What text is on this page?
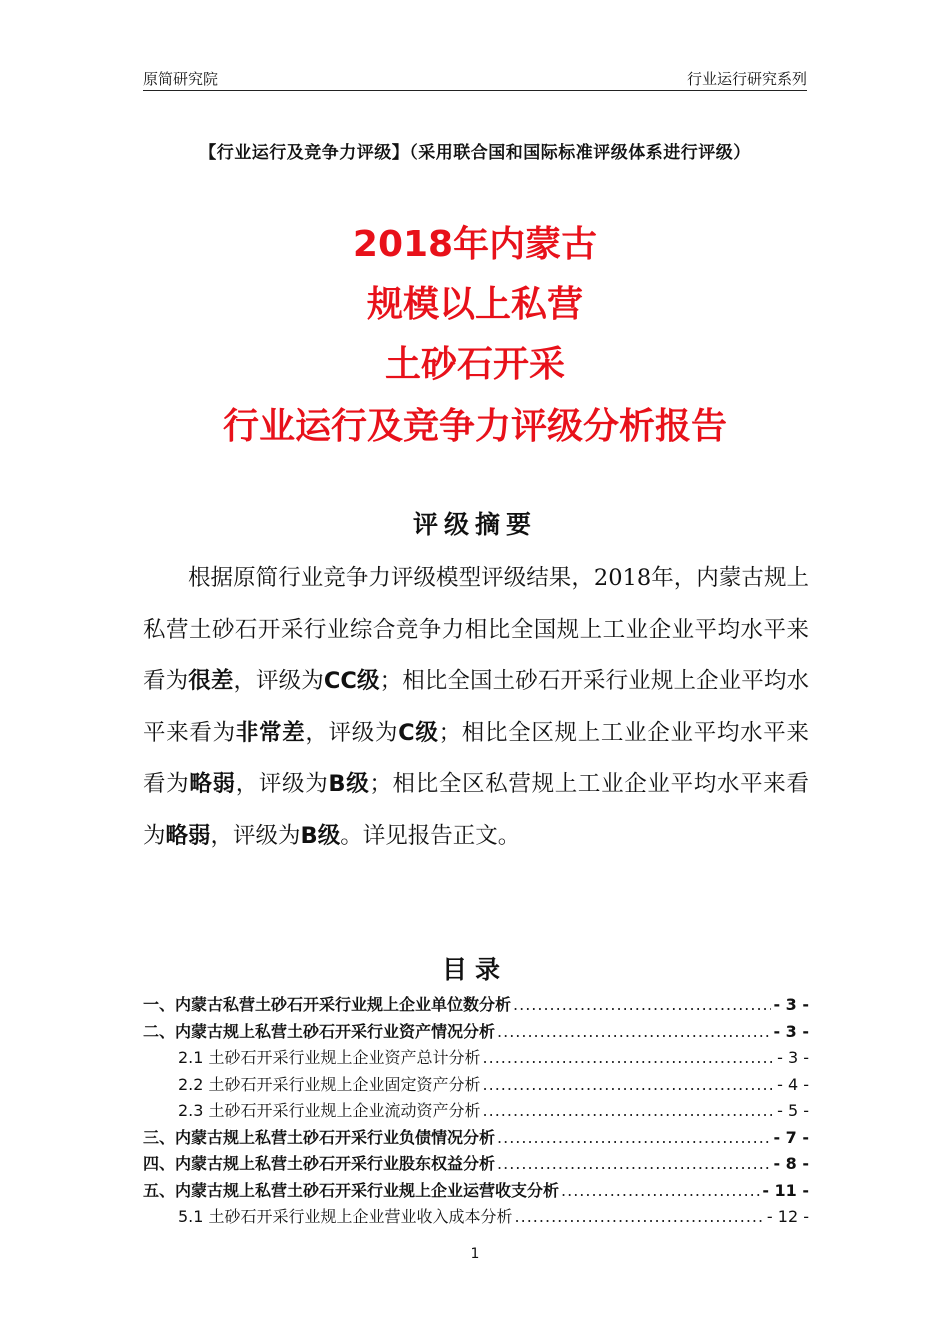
原简研究院	行业运行研究系列
【行业运行及竞争力评级】（采用联合国和国际标准评级体系进行评级）
2018年内蒙古
规模以上私营
土砂石开采
行业运行及竞争力评级分析报告
评级摘要
根据原简行业竞争力评级模型评级结果，2018年，内蒙古规上私营土砂石开采行业综合竞争力相比全国规上工业企业平均水平来看为很差，评级为CC级；相比全国土砂石开采行业规上企业平均水平来看为非常差，评级为C级；相比全区规上工业企业平均水平来看为略弱，评级为B级；相比全区私营规上工业企业平均水平来看为略弱，评级为B级。详见报告正文。
目录
一、内蒙古私营土砂石开采行业规上企业单位数分析 .....	- 3 -
二、内蒙古规上私营土砂石开采行业资产情况分析 .....	- 3 -
2.1 土砂石开采行业规上企业资产总计分析 .....	- 3 -
2.2 土砂石开采行业规上企业固定资产分析 .....	- 4 -
2.3 土砂石开采行业规上企业流动资产分析 .....	- 5 -
三、内蒙古规上私营土砂石开采行业负债情况分析 .....	- 7 -
四、内蒙古规上私营土砂石开采行业股东权益分析 .....	- 8 -
五、内蒙古规上私营土砂石开采行业规上企业运营收支分析 .....	- 11 -
5.1 土砂石开采行业规上企业营业收入成本分析 .....	- 12 -
1
